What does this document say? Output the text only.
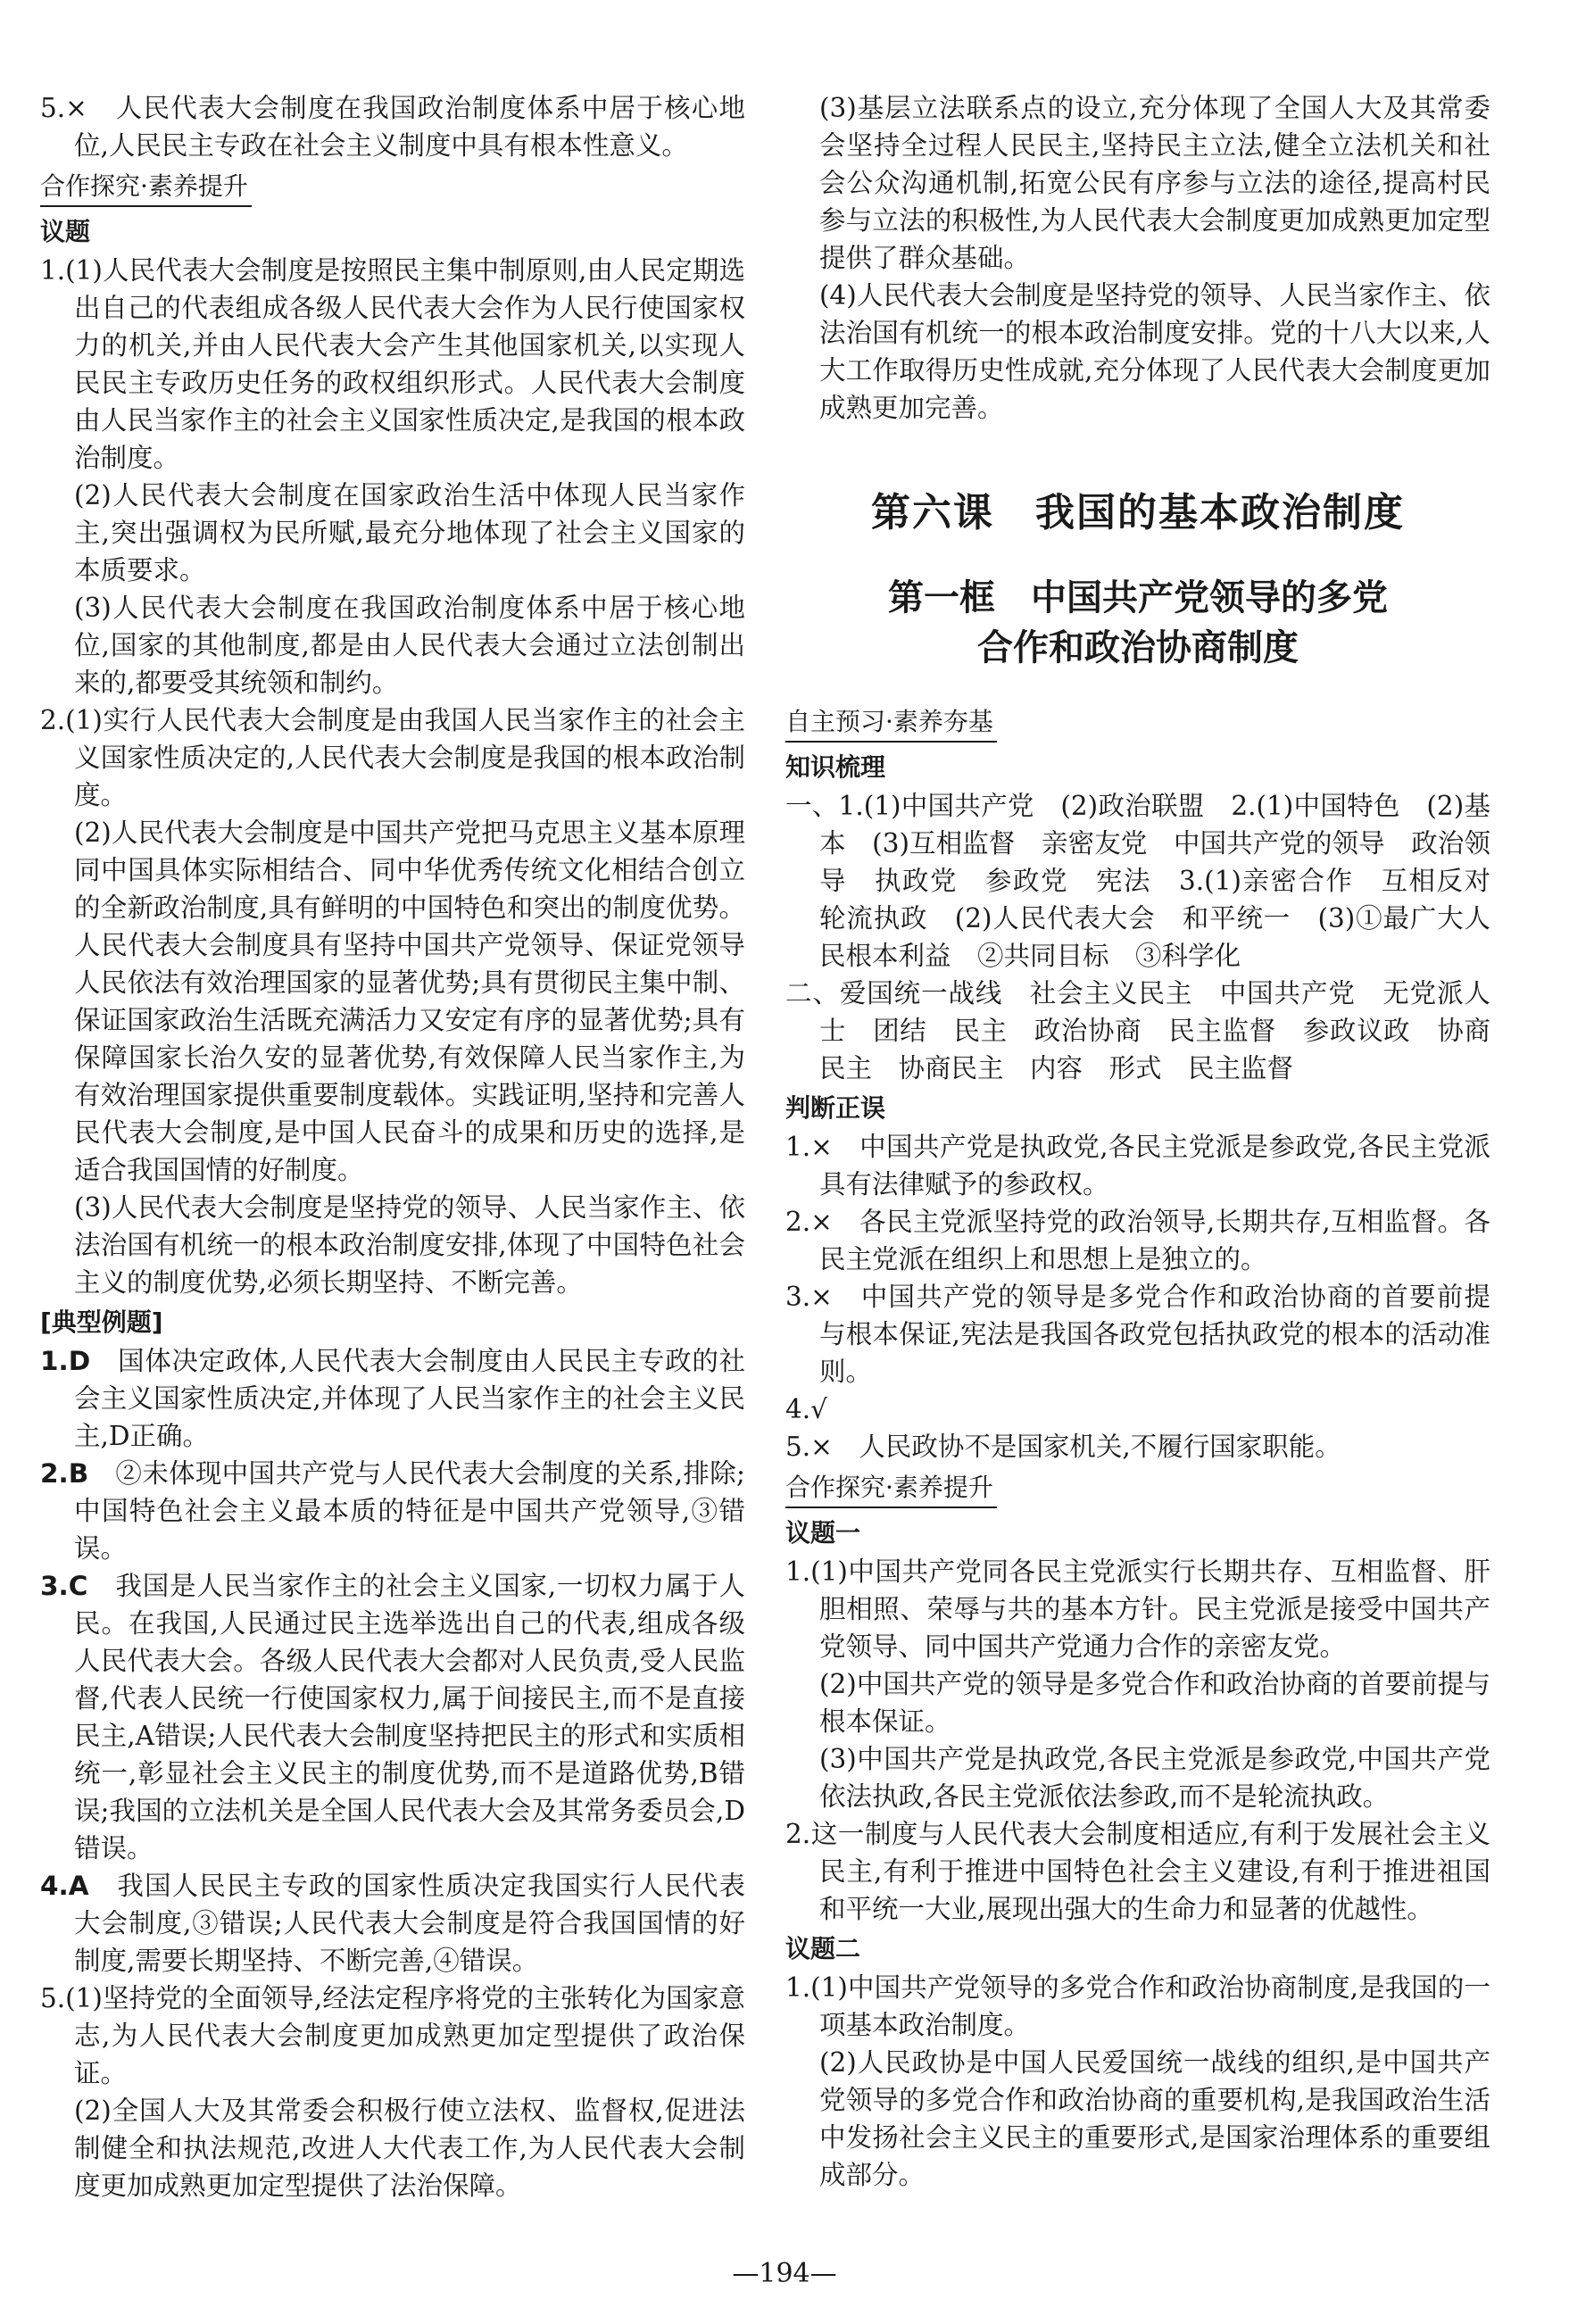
5.×　人民代表大会制度在我国政治制度体系中居于核心地位,人民民主专政在社会主义制度中具有根本性意义。

合作探究·素养提升
议题

1.(1)人民代表大会制度是按照民主集中制原则,由人民定期选出自己的代表组成各级人民代表大会作为人民行使国家权力的机关,并由人民代表大会产生其他国家机关,以实现人民民主专政历史任务的政权组织形式。人民代表大会制度由人民当家作主的社会主义国家性质决定,是我国的根本政治制度。

(2)人民代表大会制度在国家政治生活中体现人民当家作主,突出强调权为民所赋,最充分地体现了社会主义国家的本质要求。

(3)人民代表大会制度在我国政治制度体系中居于核心地位,国家的其他制度,都是由人民代表大会通过立法创制出来的,都要受其统领和制约。

2.(1)实行人民代表大会制度是由我国人民当家作主的社会主义国家性质决定的,人民代表大会制度是我国的根本政治制度。

(2)人民代表大会制度是中国共产党把马克思主义基本原理同中国具体实际相结合、同中华优秀传统文化相结合创立的全新政治制度,具有鲜明的中国特色和突出的制度优势。人民代表大会制度具有坚持中国共产党领导、保证党领导人民依法有效治理国家的显著优势;具有贯彻民主集中制、保证国家政治生活既充满活力又安定有序的显著优势;具有保障国家长治久安的显著优势,有效保障人民当家作主,为有效治理国家提供重要制度载体。实践证明,坚持和完善人民代表大会制度,是中国人民奋斗的成果和历史的选择,是适合我国国情的好制度。

(3)人民代表大会制度是坚持党的领导、人民当家作主、依法治国有机统一的根本政治制度安排,体现了中国特色社会主义的制度优势,必须长期坚持、不断完善。

[典型例题]

1.D　国体决定政体,人民代表大会制度由人民民主专政的社会主义国家性质决定,并体现了人民当家作主的社会主义民主,D正确。

2.B　②未体现中国共产党与人民代表大会制度的关系,排除;中国特色社会主义最本质的特征是中国共产党领导,③错误。

3.C　我国是人民当家作主的社会主义国家,一切权力属于人民。在我国,人民通过民主选举选出自己的代表,组成各级人民代表大会。各级人民代表大会都对人民负责,受人民监督,代表人民统一行使国家权力,属于间接民主,而不是直接民主,A错误;人民代表大会制度坚持把民主的形式和实质相统一,彰显社会主义民主的制度优势,而不是道路优势,B错误;我国的立法机关是全国人民代表大会及其常务委员会,D错误。

4.A　我国人民民主专政的国家性质决定我国实行人民代表大会制度,③错误;人民代表大会制度是符合我国国情的好制度,需要长期坚持、不断完善,④错误。

5.(1)坚持党的全面领导,经法定程序将党的主张转化为国家意志,为人民代表大会制度更加成熟更加定型提供了政治保证。

(2)全国人大及其常委会积极行使立法权、监督权,促进法制健全和执法规范,改进人大代表工作,为人民代表大会制度更加成熟更加定型提供了法治保障。

(3)基层立法联系点的设立,充分体现了全国人大及其常委会坚持全过程人民民主,坚持民主立法,健全立法机关和社会公众沟通机制,拓宽公民有序参与立法的途径,提高村民参与立法的积极性,为人民代表大会制度更加成熟更加定型提供了群众基础。

(4)人民代表大会制度是坚持党的领导、人民当家作主、依法治国有机统一的根本政治制度安排。党的十八大以来,人大工作取得历史性成就,充分体现了人民代表大会制度更加成熟更加完善。

第六课　我国的基本政治制度
第一框　中国共产党领导的多党
合作和政治协商制度
自主预习·素养夯基
知识梳理

一、1.(1)中国共产党　(2)政治联盟　2.(1)中国特色　(2)基本　(3)互相监督　亲密友党　中国共产党的领导　政治领导　执政党　参政党　宪法　3.(1)亲密合作　互相反对　轮流执政　(2)人民代表大会　和平统一　(3)①最广大人民根本利益　②共同目标　③科学化

二、爱国统一战线　社会主义民主　中国共产党　无党派人士　团结　民主　政治协商　民主监督　参政议政　协商民主　协商民主　内容　形式　民主监督

判断正误

1.×　中国共产党是执政党,各民主党派是参政党,各民主党派具有法律赋予的参政权。

2.×　各民主党派坚持党的政治领导,长期共存,互相监督。各民主党派在组织上和思想上是独立的。

3.×　中国共产党的领导是多党合作和政治协商的首要前提与根本保证,宪法是我国各政党包括执政党的根本的活动准则。

4.√

5.×　人民政协不是国家机关,不履行国家职能。

合作探究·素养提升
议题一

1.(1)中国共产党同各民主党派实行长期共存、互相监督、肝胆相照、荣辱与共的基本方针。民主党派是接受中国共产党领导、同中国共产党通力合作的亲密友党。

(2)中国共产党的领导是多党合作和政治协商的首要前提与根本保证。

(3)中国共产党是执政党,各民主党派是参政党,中国共产党依法执政,各民主党派依法参政,而不是轮流执政。

2.这一制度与人民代表大会制度相适应,有利于发展社会主义民主,有利于推进中国特色社会主义建设,有利于推进祖国和平统一大业,展现出强大的生命力和显著的优越性。

议题二

1.(1)中国共产党领导的多党合作和政治协商制度,是我国的一项基本政治制度。

(2)人民政协是中国人民爱国统一战线的组织,是中国共产党领导的多党合作和政治协商的重要机构,是我国政治生活中发扬社会主义民主的重要形式,是国家治理体系的重要组成部分。

—194—
